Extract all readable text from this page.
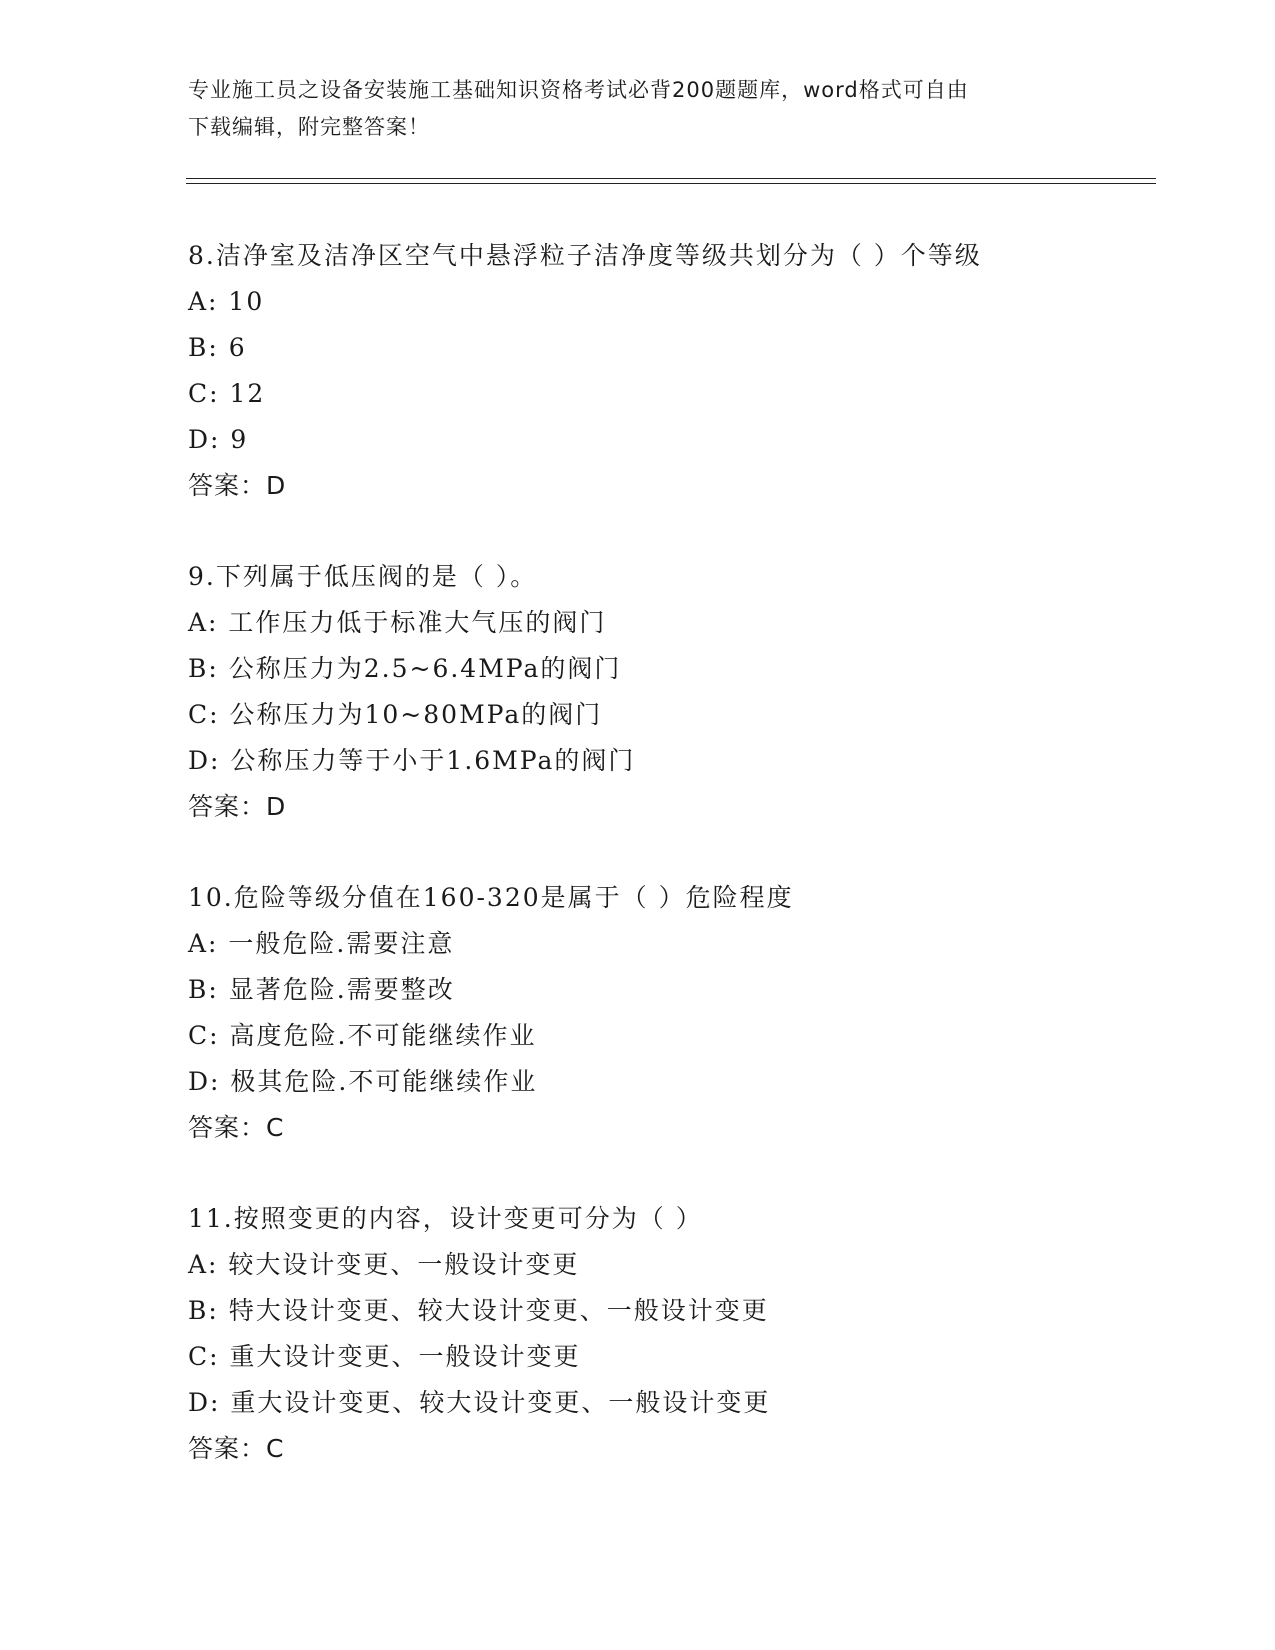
专业施工员之设备安装施工基础知识资格考试必背200题题库，word格式可自由
下载编辑，附完整答案！
8.洁净室及洁净区空气中悬浮粒子洁净度等级共划分为（ ）个等级
A: 10
B: 6
C: 12
D: 9
答案：D
9.下列属于低压阀的是（ ）。
A: 工作压力低于标准大气压的阀门
B: 公称压力为2.5~6.4MPa的阀门
C: 公称压力为10~80MPa的阀门
D: 公称压力等于小于1.6MPa的阀门
答案：D
10.危险等级分值在160-320是属于（ ）危险程度
A: 一般危险.需要注意
B: 显著危险.需要整改
C: 高度危险.不可能继续作业
D: 极其危险.不可能继续作业
答案：C
11.按照变更的内容，设计变更可分为（ ）
A: 较大设计变更、一般设计变更
B: 特大设计变更、较大设计变更、一般设计变更
C: 重大设计变更、一般设计变更
D: 重大设计变更、较大设计变更、一般设计变更
答案：C
